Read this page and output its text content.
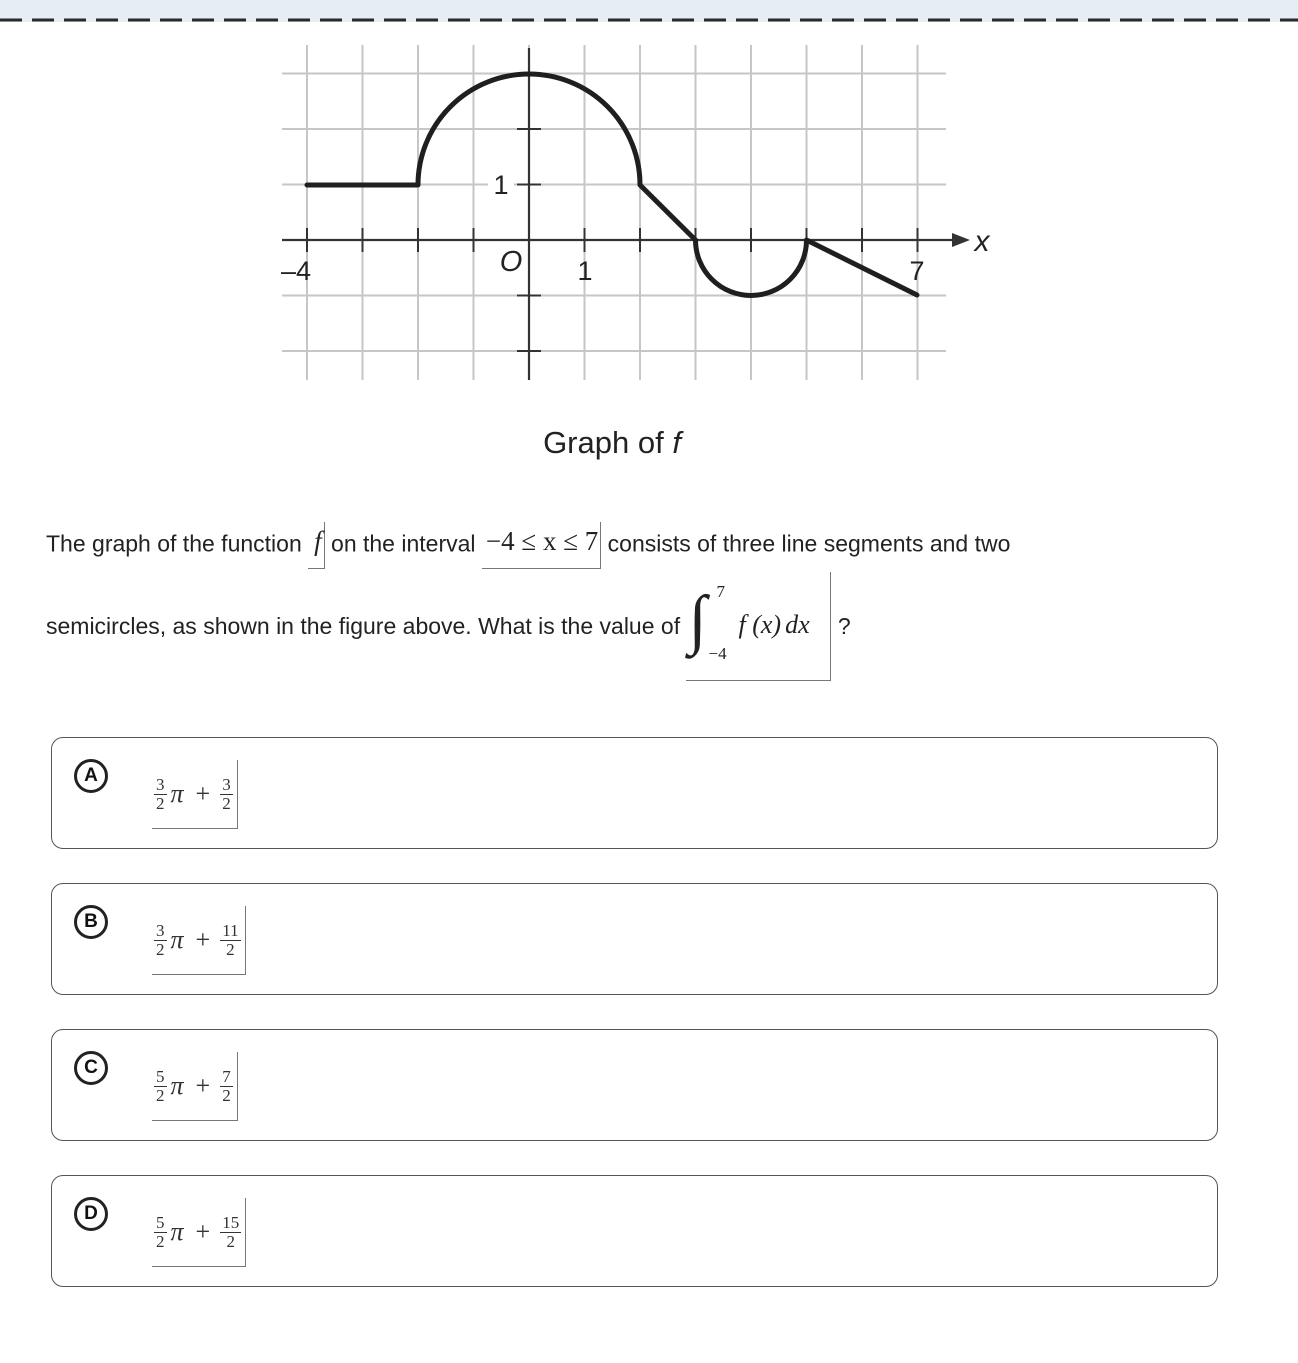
–4	1	7
1
O
x
Graph of f
The graph of the function f on the interval −4 ≤ x ≤ 7 consists of three line segments and two
semicircles, as shown in the figure above. What is the value of ∫ 7
−4
f (x) dx ?
A	$\frac{3}{2}$ $\pi + \frac{3}{2}$
B	$\frac{3}{2}$ $\pi + \frac{11}{2}$
C	$\frac{5}{2}$ $\pi + \frac{7}{2}$
D	$\frac{5}{2}$ $\pi + \frac{15}{2}$
